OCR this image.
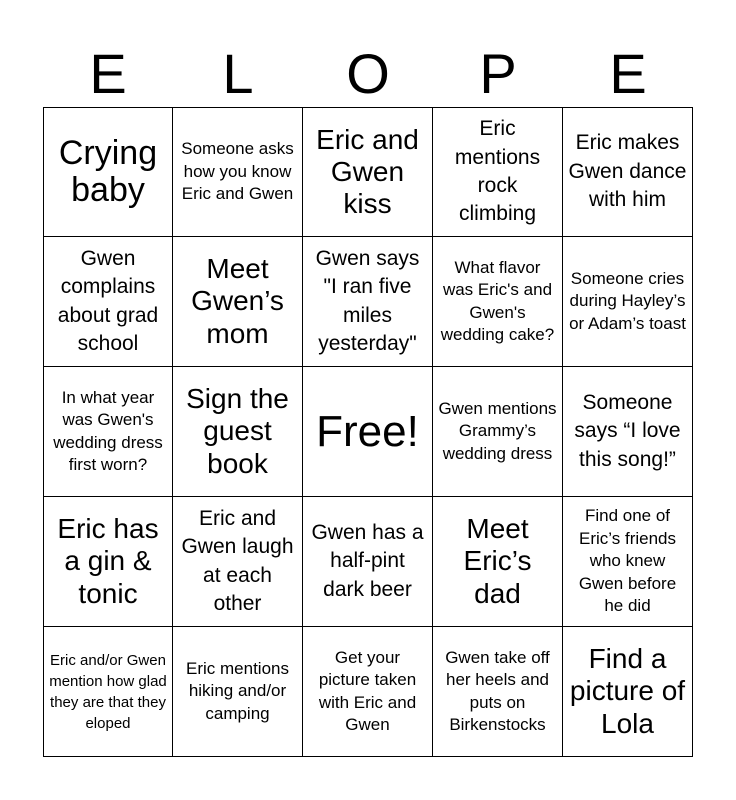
E	L	O	P	E
Crying baby
Someone asks how you know Eric and Gwen
Eric and Gwen kiss
Eric mentions rock climbing
Eric makes Gwen dance with him
Gwen complains about grad school
Meet Gwen’s mom
Gwen says "I ran five miles yesterday"
What flavor was Eric's and Gwen's wedding cake?
Someone cries during Hayley’s or Adam’s toast
In what year was Gwen's wedding dress first worn?
Sign the guest book
Free!	Gwen mentions Grammy’s wedding dress
Someone says “I love this song!”
Eric has a gin & tonic
Eric and Gwen laugh at each other
Gwen has a half-pint dark beer
Meet Eric’s dad
Find one of Eric’s friends who knew Gwen before he did
Eric and/or Gwen mention how glad they are that they eloped
Eric mentions hiking and/or camping
Get your picture taken with Eric and Gwen
Gwen take off her heels and puts on Birkenstocks
Find a picture of Lola
